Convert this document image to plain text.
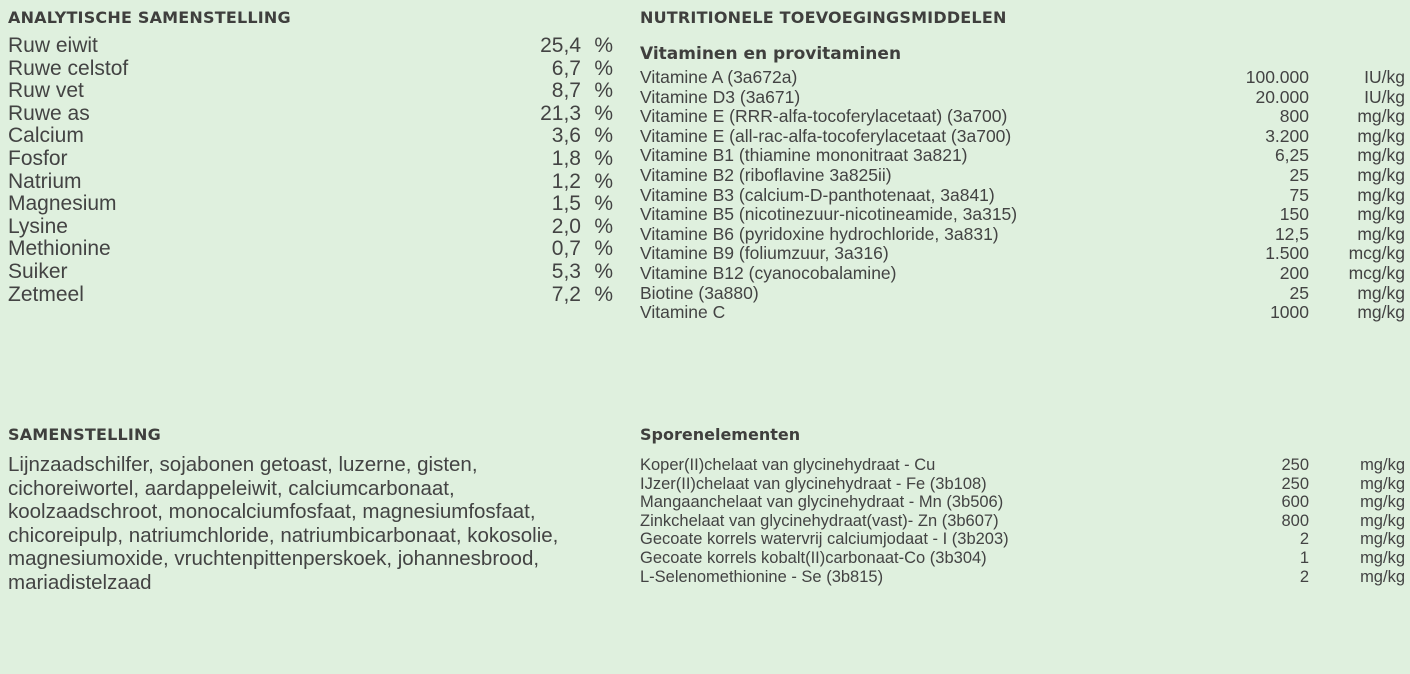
ANALYTISCHE SAMENSTELLING
Ruw eiwit	25,4 %
Ruwe celstof	6,7 %
Ruw vet	8,7 %
Ruwe as	21,3 %
Calcium	3,6 %
Fosfor	1,8 %
Natrium	1,2 %
Magnesium	1,5 %
Lysine	2,0 %
Methionine	0,7 %
Suiker	5,3 %
Zetmeel	7,2 %
SAMENSTELLING
Lijnzaadschilfer, sojabonen getoast, luzerne, gisten, cichoreiwortel, aardappeleiwit, calciumcarbonaat, koolzaadschroot, monocalciumfosfaat, magnesiumfosfaat, chicoreipulp, natriumchloride, natriumbicarbonaat, kokosolie, magnesiumoxide, vruchtenpittenperskoek, johannesbrood, mariadistelzaad
NUTRITIONELE TOEVOEGINGSMIDDELEN
Vitaminen en provitaminen
Vitamine A (3a672a)	100.000	IU/kg
Vitamine D3 (3a671)	20.000	IU/kg
Vitamine E (RRR-alfa-tocoferylacetaat) (3a700)	800	mg/kg
Vitamine E (all-rac-alfa-tocoferylacetaat (3a700)	3.200	mg/kg
Vitamine B1 (thiamine mononitraat 3a821)	6,25	mg/kg
Vitamine B2 (riboflavine 3a825ii)	25	mg/kg
Vitamine B3 (calcium-D-panthotenaat, 3a841)	75	mg/kg
Vitamine B5 (nicotinezuur-nicotineamide, 3a315)	150	mg/kg
Vitamine B6 (pyridoxine hydrochloride, 3a831)	12,5	mg/kg
Vitamine B9 (foliumzuur, 3a316)	1.500	mcg/kg
Vitamine B12 (cyanocobalamine)	200	mcg/kg
Biotine (3a880)	25	mg/kg
Vitamine C	1000	mg/kg
Sporenelementen
Koper(II)chelaat van glycinehydraat - Cu	250	mg/kg
IJzer(II)chelaat van glycinehydraat - Fe (3b108)	250	mg/kg
Mangaanchelaat van glycinehydraat - Mn (3b506)	600	mg/kg
Zinkchelaat van glycinehydraat(vast)- Zn (3b607)	800	mg/kg
Gecoate korrels watervrij calciumjodaat - I (3b203)	2	mg/kg
Gecoate korrels kobalt(II)carbonaat-Co (3b304)	1	mg/kg
L-Selenomethionine - Se (3b815)	2	mg/kg
